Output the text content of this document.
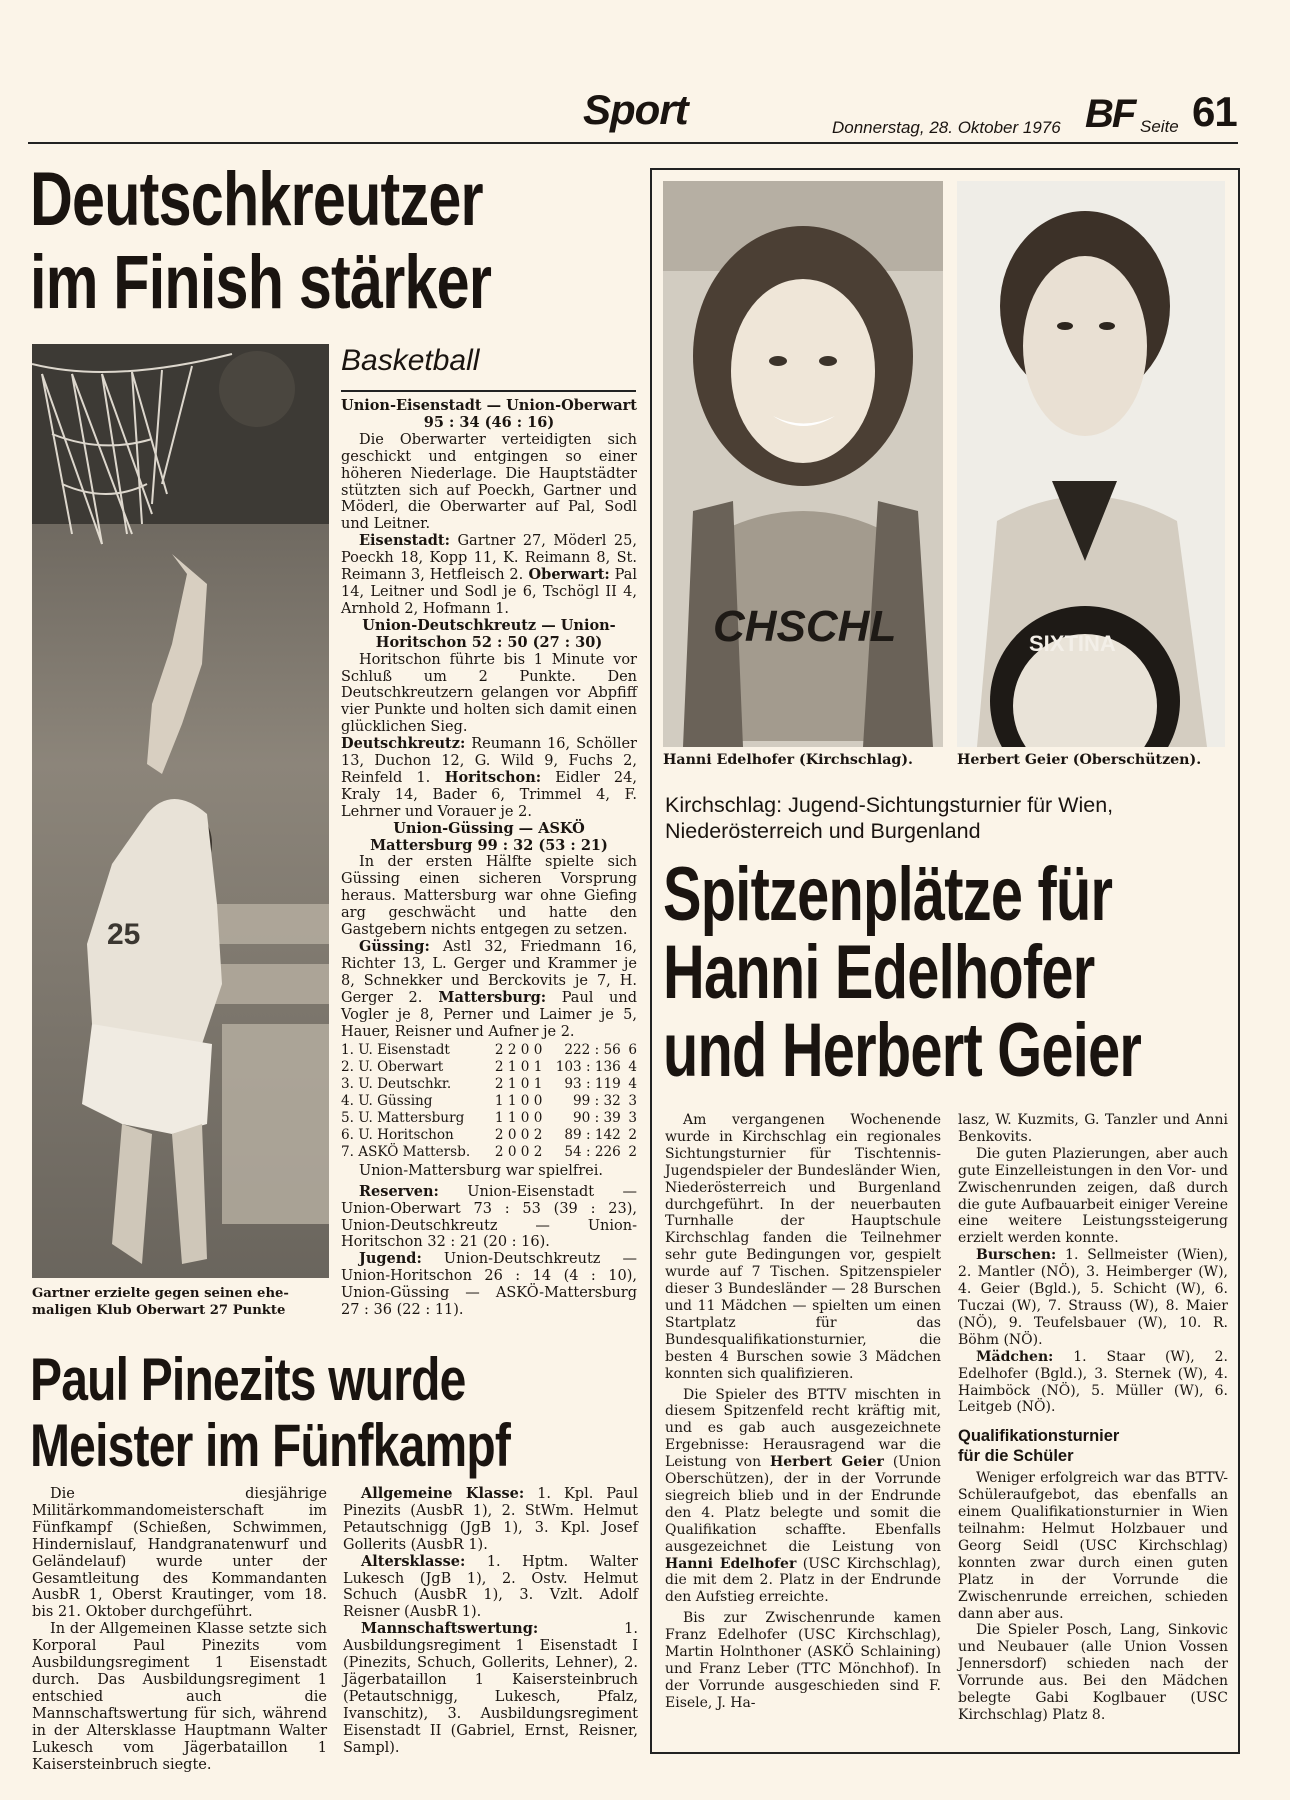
Sport	Donnerstag, 28. Oktober 1976 BF Seite 61
Deutschkreutzer
im Finish stärker
25
Gartner erzielte gegen seinen ehe-
maligen Klub Oberwart 27 Punkte
Basketball

Union-Eisenstadt — Union-Oberwart

95 : 34 (46 : 16)

Die Oberwarter verteidigten sich geschickt und entgingen so einer höheren Niederlage. Die Hauptstädter stützten sich auf Poeckh, Gartner und Möderl, die Oberwarter auf Pal, Sodl und Leitner.

Eisenstadt: Gartner 27, Möderl 25, Poeckh 18, Kopp 11, K. Reimann 8, St. Reimann 3, Hetfleisch 2. Oberwart: Pal 14, Leitner und Sodl je 6, Tschögl II 4, Arnhold 2, Hofmann 1.

Union-Deutschkreutz — Union-Horitschon 52 : 50 (27 : 30)

Horitschon führte bis 1 Minute vor Schluß um 2 Punkte. Den Deutschkreutzern gelangen vor Abpfiff vier Punkte und holten sich damit einen glücklichen Sieg.

Deutschkreutz: Reumann 16, Schöller 13, Duchon 12, G. Wild 9, Fuchs 2, Reinfeld 1. Horitschon: Eidler 24, Kraly 14, Bader 6, Trimmel 4, F. Lehrner und Vorauer je 2.

Union-Güssing — ASKÖ Mattersburg 99 : 32 (53 : 21)

In der ersten Hälfte spielte sich Güssing einen sicheren Vorsprung heraus. Mattersburg war ohne Giefing arg geschwächt und hatte den Gastgebern nichts entgegen zu setzen.

Güssing: Astl 32, Friedmann 16, Richter 13, L. Gerger und Krammer je 8, Schnekker und Berckovits je 7, H. Gerger 2. Mattersburg: Paul und Vogler je 8, Perner und Laimer je 5, Hauer, Reisner und Aufner je 2.

1. U. Eisenstadt	2 2 0 0	222 : 56	6
2. U. Oberwart	2 1 0 1	103 : 136	4
3. U. Deutschkr.	2 1 0 1	93 : 119	4
4. U. Güssing	1 1 0 0	99 : 32	3
5. U. Mattersburg	1 1 0 0	90 : 39	3
6. U. Horitschon	2 0 0 2	89 : 142	2
7. ASKÖ Mattersb.	2 0 0 2	54 : 226	2

Union-Mattersburg war spielfrei.

Reserven: Union-Eisenstadt — Union-Oberwart 73 : 53 (39 : 23), Union-Deutschkreutz — Union-Horitschon 32 : 21 (20 : 16).

Jugend: Union-Deutschkreutz — Union-Horitschon 26 : 14 (4 : 10), Union-Güssing — ASKÖ-Mattersburg 27 : 36 (22 : 11).

Paul Pinezits wurde
Meister im Fünfkampf

Die diesjährige Militärkommandomeisterschaft im Fünfkampf (Schießen, Schwimmen, Hindernislauf, Handgranatenwurf und Geländelauf) wurde unter der Gesamtleitung des Kommandanten AusbR 1, Oberst Krautinger, vom 18. bis 21. Oktober durchgeführt.

In der Allgemeinen Klasse setzte sich Korporal Paul Pinezits vom Ausbildungsregiment 1 Eisenstadt durch. Das Ausbildungsregiment 1 entschied auch die Mannschaftswertung für sich, während in der Altersklasse Hauptmann Walter Lukesch vom Jägerbataillon 1 Kaisersteinbruch siegte.

Allgemeine Klasse: 1. Kpl. Paul Pinezits (AusbR 1), 2. StWm. Helmut Petautschnigg (JgB 1), 3. Kpl. Josef Gollerits (AusbR 1).

Altersklasse: 1. Hptm. Walter Lukesch (JgB 1), 2. Ostv. Helmut Schuch (AusbR 1), 3. Vzlt. Adolf Reisner (AusbR 1).

Mannschaftswertung: 1. Ausbildungsregiment 1 Eisenstadt I (Pinezits, Schuch, Gollerits, Lehner), 2. Jägerbataillon 1 Kaisersteinbruch (Petautschnigg, Lukesch, Pfalz, Ivanschitz), 3. Ausbildungsregiment Eisenstadt II (Gabriel, Ernst, Reisner, Sampl).

CHSCHL
Hanni Edelhofer (Kirchschlag).
SIXTINA
Herbert Geier (Oberschützen).
Kirchschlag: Jugend-Sichtungsturnier für Wien,
Niederösterreich und Burgenland
Spitzenplätze für
Hanni Edelhofer
und Herbert Geier

Am vergangenen Wochenende wurde in Kirchschlag ein regionales Sichtungsturnier für Tischtennis-Jugendspieler der Bundesländer Wien, Niederösterreich und Burgenland durchgeführt. In der neuerbauten Turnhalle der Hauptschule Kirchschlag fanden die Teilnehmer sehr gute Bedingungen vor, gespielt wurde auf 7 Tischen. Spitzenspieler dieser 3 Bundesländer — 28 Burschen und 11 Mädchen — spielten um einen Startplatz für das Bundesqualifikationsturnier, die besten 4 Burschen sowie 3 Mädchen konnten sich qualifizieren.

Die Spieler des BTTV mischten in diesem Spitzenfeld recht kräftig mit, und es gab auch ausgezeichnete Ergebnisse: Herausragend war die Leistung von Herbert Geier (Union Oberschützen), der in der Vorrunde siegreich blieb und in der Endrunde den 4. Platz belegte und somit die Qualifikation schaffte. Ebenfalls ausgezeichnet die Leistung von Hanni Edelhofer (USC Kirchschlag), die mit dem 2. Platz in der Endrunde den Aufstieg erreichte.

Bis zur Zwischenrunde kamen Franz Edelhofer (USC Kirchschlag), Martin Holnthoner (ASKÖ Schlaining) und Franz Leber (TTC Mönchhof). In der Vorrunde ausgeschieden sind F. Eisele, J. Ha-

lasz, W. Kuzmits, G. Tanzler und Anni Benkovits.

Die guten Plazierungen, aber auch gute Einzelleistungen in den Vor- und Zwischenrunden zeigen, daß durch die gute Aufbauarbeit einiger Vereine eine weitere Leistungssteigerung erzielt werden konnte.

Burschen: 1. Sellmeister (Wien), 2. Mantler (NÖ), 3. Heimberger (W), 4. Geier (Bgld.), 5. Schicht (W), 6. Tuczai (W), 7. Strauss (W), 8. Maier (NÖ), 9. Teufelsbauer (W), 10. R. Böhm (NÖ).

Mädchen: 1. Staar (W), 2. Edelhofer (Bgld.), 3. Sternek (W), 4. Haimböck (NÖ), 5. Müller (W), 6. Leitgeb (NÖ).

Qualifikationsturnier
für die Schüler

Weniger erfolgreich war das BTTV-Schüleraufgebot, das ebenfalls an einem Qualifikationsturnier in Wien teilnahm: Helmut Holzbauer und Georg Seidl (USC Kirchschlag) konnten zwar durch einen guten Platz in der Vorrunde die Zwischenrunde erreichen, schieden dann aber aus.

Die Spieler Posch, Lang, Sinkovic und Neubauer (alle Union Vossen Jennersdorf) schieden nach der Vorrunde aus. Bei den Mädchen belegte Gabi Koglbauer (USC Kirchschlag) Platz 8.
